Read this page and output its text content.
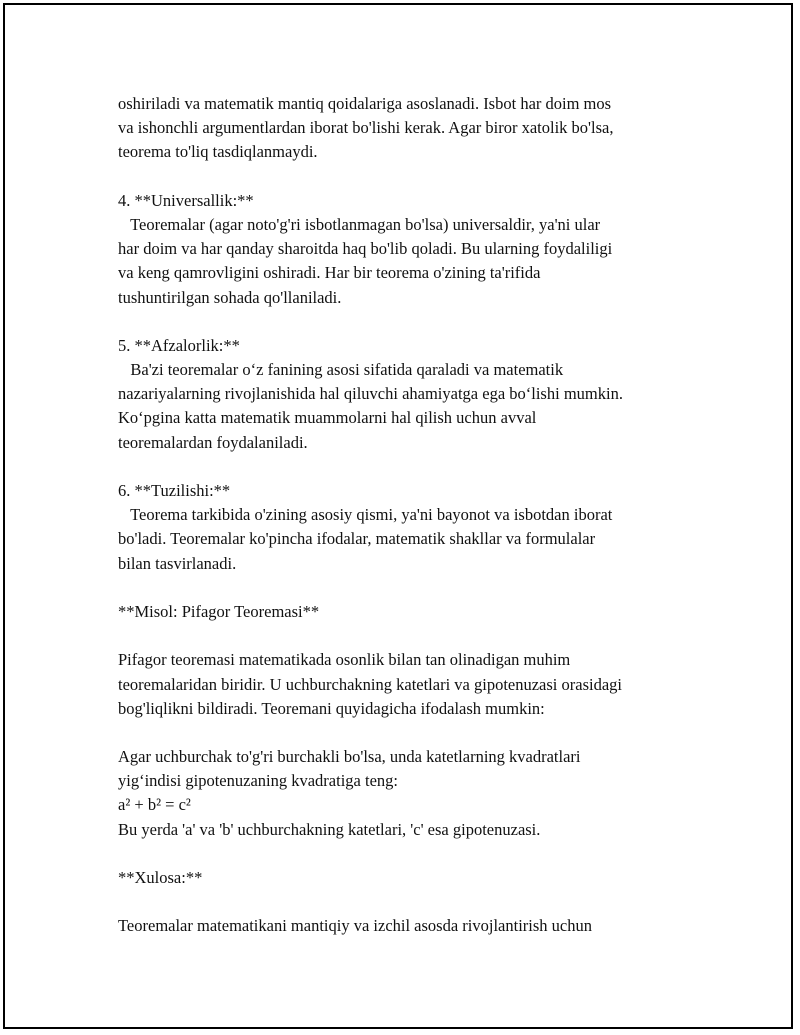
oshiriladi va matematik mantiq qoidalariga asoslanadi. Isbot har doim mos
va ishonchli argumentlardan iborat bo'lishi kerak. Agar biror xatolik bo'lsa,
teorema to'liq tasdiqlanmaydi.
4. **Universallik:**
Teoremalar (agar noto'g'ri isbotlanmagan bo'lsa) universaldir, ya'ni ular
har doim va har qanday sharoitda haq bo'lib qoladi. Bu ularning foydaliligi
va keng qamrovligini oshiradi. Har bir teorema o'zining ta'rifida
tushuntirilgan sohada qo'llaniladi.
5. **Afzalorlik:**
Ba'zi teoremalar o‘z fanining asosi sifatida qaraladi va matematik
nazariyalarning rivojlanishida hal qiluvchi ahamiyatga ega bo‘lishi mumkin.
Ko‘pgina katta matematik muammolarni hal qilish uchun avval
teoremalardan foydalaniladi.
6. **Tuzilishi:**
Teorema tarkibida o'zining asosiy qismi, ya'ni bayonot va isbotdan iborat
bo'ladi. Teoremalar ko'pincha ifodalar, matematik shakllar va formulalar
bilan tasvirlanadi.
**Misol: Pifagor Teoremasi**
Pifagor teoremasi matematikada osonlik bilan tan olinadigan muhim
teoremalaridan biridir. U uchburchakning katetlari va gipotenuzasi orasidagi
bog'liqlikni bildiradi. Teoremani quyidagicha ifodalash mumkin:
Agar uchburchak to'g'ri burchakli bo'lsa, unda katetlarning kvadratlari
yig‘indisi gipotenuzaning kvadratiga teng:
a² + b² = c²
Bu yerda 'a' va 'b' uchburchakning katetlari, 'c' esa gipotenuzasi.
**Xulosa:**
Teoremalar matematikani mantiqiy va izchil asosda rivojlantirish uchun
